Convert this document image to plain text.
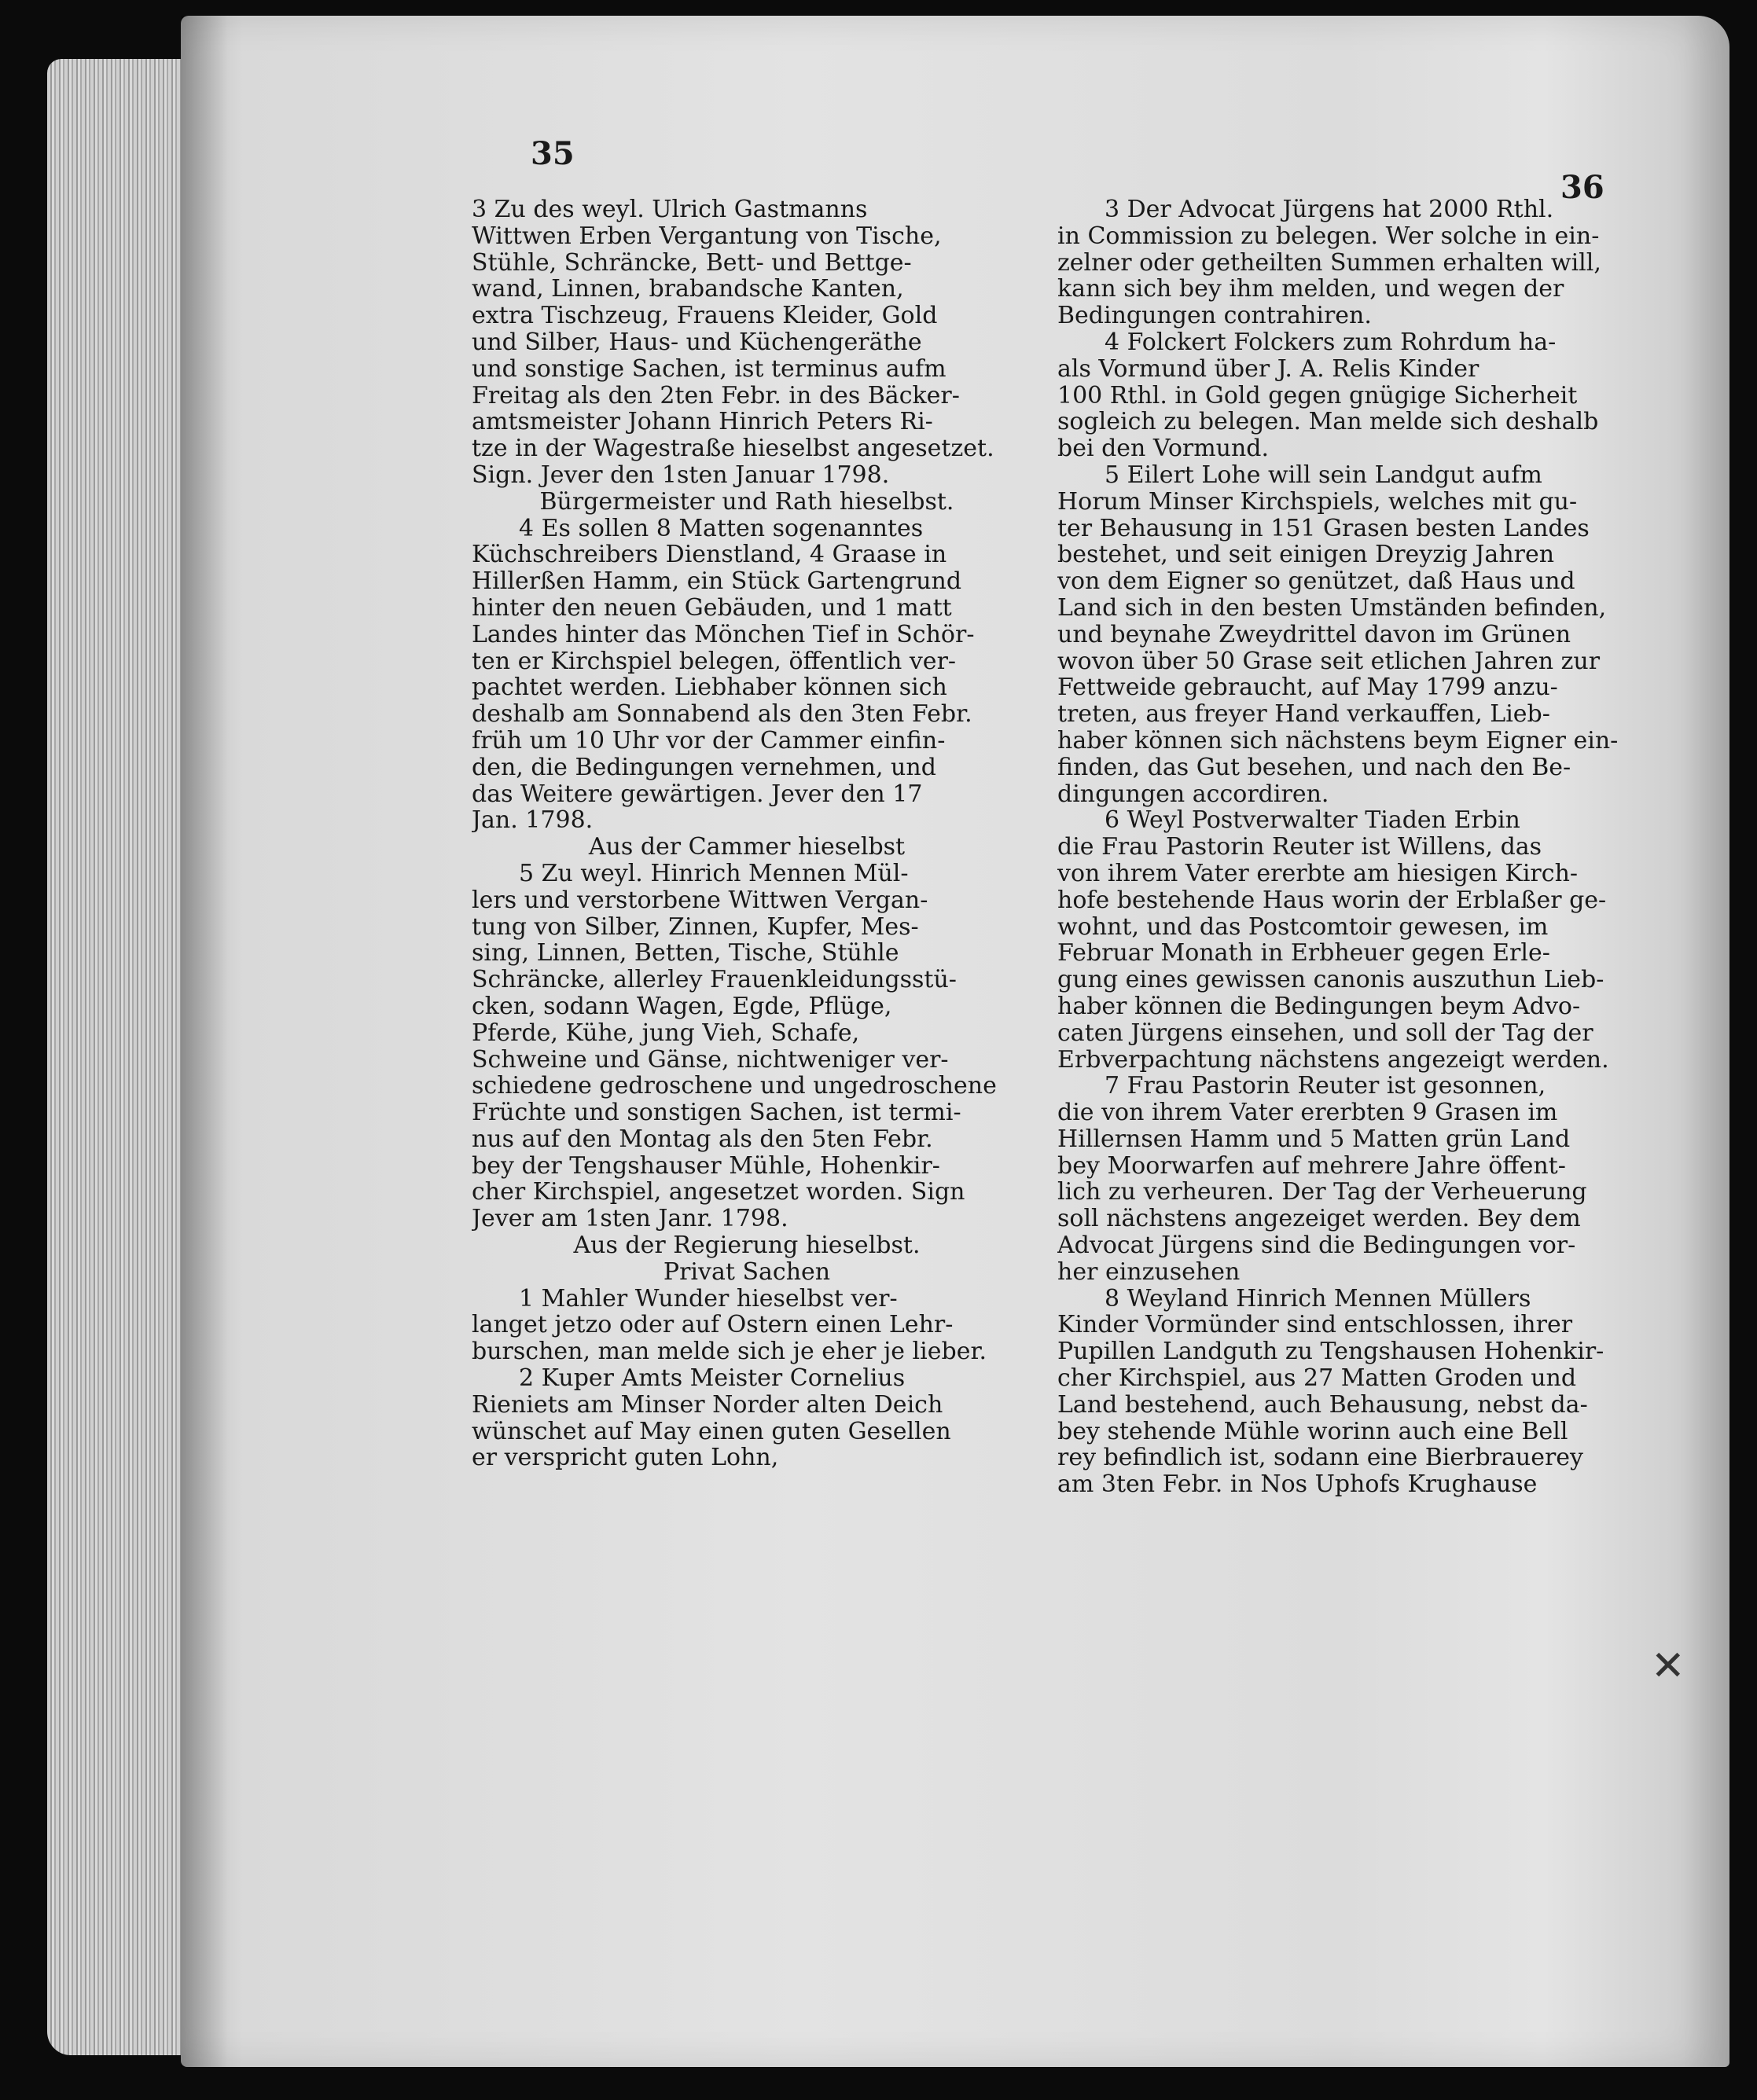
35
36
3 Zu des weyl. Ulrich Gastmanns
Wittwen Erben Vergantung von Tische,
Stühle, Schräncke, Bett- und Bettge-
wand, Linnen, brabandsche Kanten,
extra Tischzeug, Frauens Kleider, Gold
und Silber, Haus- und Küchengeräthe
und sonstige Sachen, ist terminus aufm
Freitag als den 2ten Febr. in des Bäcker-
amtsmeister Johann Hinrich Peters Ri-
tze in der Wagestraße hieselbst angesetzet.
Sign. Jever den 1sten Januar 1798.
Bürgermeister und Rath hieselbst.
4 Es sollen 8 Matten sogenanntes
Küchschreibers Dienstland, 4 Graase in
Hillerßen Hamm, ein Stück Gartengrund
hinter den neuen Gebäuden, und 1 matt
Landes hinter das Mönchen Tief in Schör-
ten er Kirchspiel belegen, öffentlich ver-
pachtet werden. Liebhaber können sich
deshalb am Sonnabend als den 3ten Febr.
früh um 10 Uhr vor der Cammer einfin-
den, die Bedingungen vernehmen, und
das Weitere gewärtigen. Jever den 17
Jan. 1798.
Aus der Cammer hieselbst
5 Zu weyl. Hinrich Mennen Mül-
lers und verstorbene Wittwen Vergan-
tung von Silber, Zinnen, Kupfer, Mes-
sing, Linnen, Betten, Tische, Stühle
Schräncke, allerley Frauenkleidungsstü-
cken, sodann Wagen, Egde, Pflüge,
Pferde, Kühe, jung Vieh, Schafe,
Schweine und Gänse, nichtweniger ver-
schiedene gedroschene und ungedroschene
Früchte und sonstigen Sachen, ist termi-
nus auf den Montag als den 5ten Febr.
bey der Tengshauser Mühle, Hohenkir-
cher Kirchspiel, angesetzet worden. Sign
Jever am 1sten Janr. 1798.
Aus der Regierung hieselbst.
Privat Sachen
1 Mahler Wunder hieselbst ver-
langet jetzo oder auf Ostern einen Lehr-
burschen, man melde sich je eher je lieber.
2 Kuper Amts Meister Cornelius
Rieniets am Minser Norder alten Deich
wünschet auf May einen guten Gesellen
er verspricht guten Lohn,
3 Der Advocat Jürgens hat 2000 Rthl.
in Commission zu belegen. Wer solche in ein-
zelner oder getheilten Summen erhalten will,
kann sich bey ihm melden, und wegen der
Bedingungen contrahiren.
4 Folckert Folckers zum Rohrdum ha-
als Vormund über J. A. Relis Kinder
100 Rthl. in Gold gegen gnügige Sicherheit
sogleich zu belegen. Man melde sich deshalb
bei den Vormund.
5 Eilert Lohe will sein Landgut aufm
Horum Minser Kirchspiels, welches mit gu-
ter Behausung in 151 Grasen besten Landes
bestehet, und seit einigen Dreyzig Jahren
von dem Eigner so genützet, daß Haus und
Land sich in den besten Umständen befinden,
und beynahe Zweydrittel davon im Grünen
wovon über 50 Grase seit etlichen Jahren zur
Fettweide gebraucht, auf May 1799 anzu-
treten, aus freyer Hand verkauffen, Lieb-
haber können sich nächstens beym Eigner ein-
finden, das Gut besehen, und nach den Be-
dingungen accordiren.
6 Weyl Postverwalter Tiaden Erbin
die Frau Pastorin Reuter ist Willens, das
von ihrem Vater ererbte am hiesigen Kirch-
hofe bestehende Haus worin der Erblaßer ge-
wohnt, und das Postcomtoir gewesen, im
Februar Monath in Erbheuer gegen Erle-
gung eines gewissen canonis auszuthun Lieb-
haber können die Bedingungen beym Advo-
caten Jürgens einsehen, und soll der Tag der
Erbverpachtung nächstens angezeigt werden.
7 Frau Pastorin Reuter ist gesonnen,
die von ihrem Vater ererbten 9 Grasen im
Hillernsen Hamm und 5 Matten grün Land
bey Moorwarfen auf mehrere Jahre öffent-
lich zu verheuren. Der Tag der Verheuerung
soll nächstens angezeiget werden. Bey dem
Advocat Jürgens sind die Bedingungen vor-
her einzusehen
8 Weyland Hinrich Mennen Müllers
Kinder Vormünder sind entschlossen, ihrer
Pupillen Landguth zu Tengshausen Hohenkir-
cher Kirchspiel, aus 27 Matten Groden und
Land bestehend, auch Behausung, nebst da-
bey stehende Mühle worinn auch eine Bell
rey befindlich ist, sodann eine Bierbrauerey
am 3ten Febr. in Nos Uphofs Krughause
✕
